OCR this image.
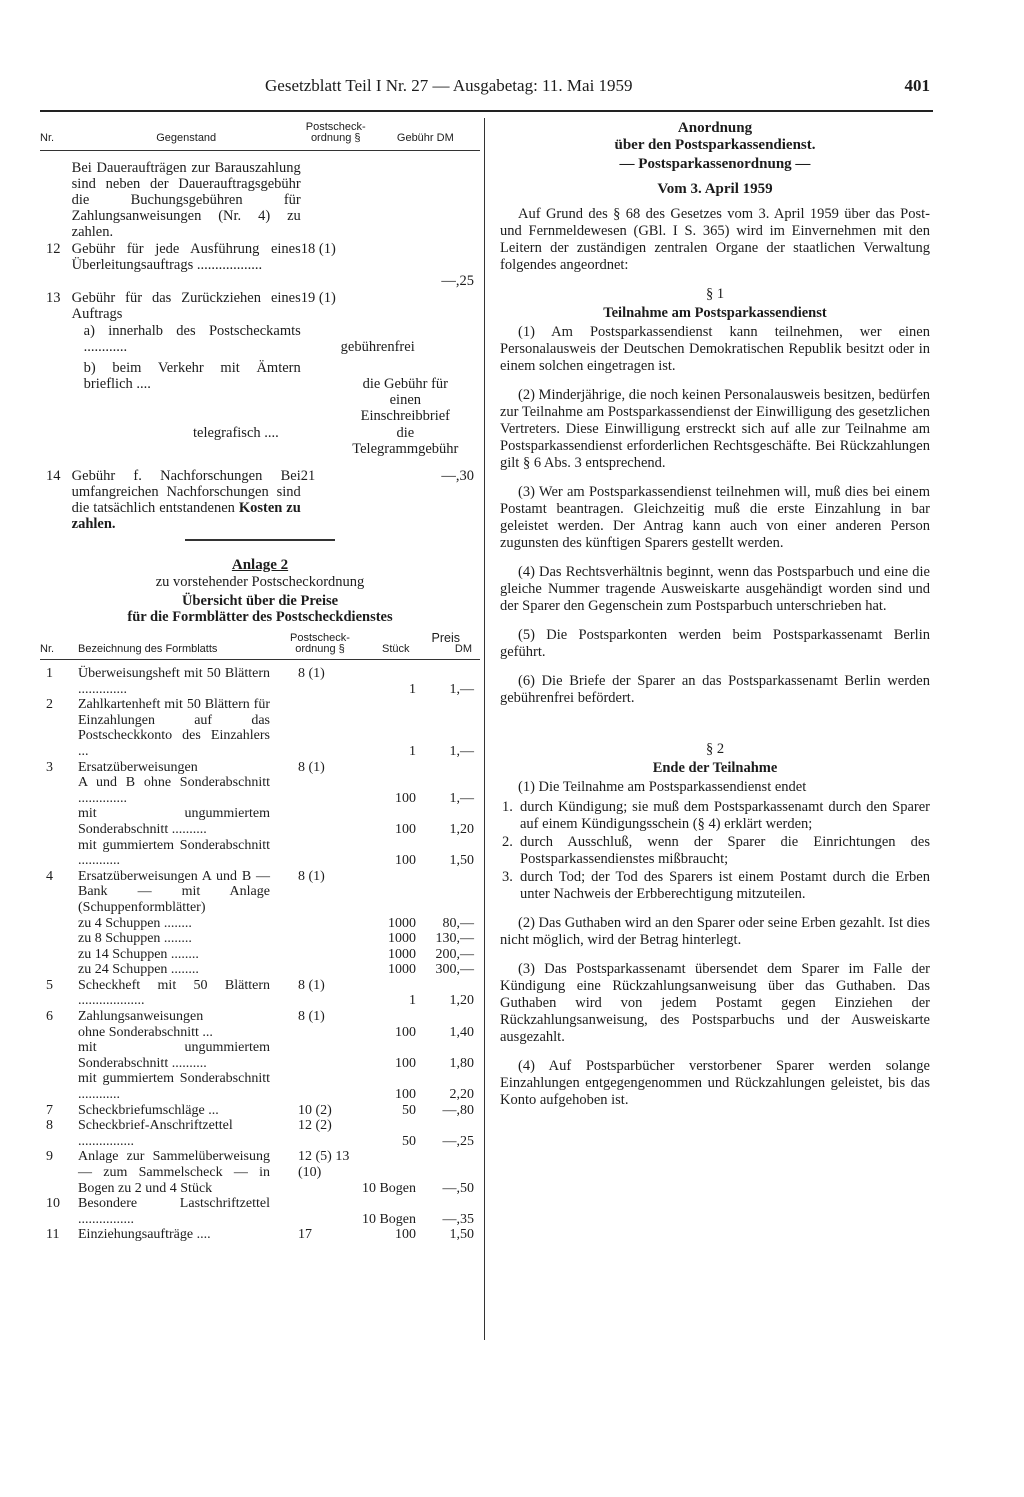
Gesetzblatt Teil I Nr. 27 — Ausgabetag: 11. Mai 1959	401
Nr.	Gegenstand	Postscheck-ordnung §	Gebühr DM
	Bei Daueraufträgen zur Barauszahlung sind neben der Dauerauftragsgebühr die Buchungsgebühren für Zahlungsanweisungen (Nr. 4) zu zahlen.		
12	Gebühr für jede Ausführung eines Überleitungsauftrags ..................	18 (1)	—,25

13	Gebühr für das Zurückziehen eines Auftrags	19 (1)	
	a) innerhalb des Postscheckamts ............		gebührenfrei

	b) beim Verkehr mit Ämtern brieflich ....		die Gebühr für einen Einschreibbrief
	telegrafisch ....		die Telegrammgebühr
14	Gebühr f. Nachforschungen Bei umfangreichen Nachforschungen sind die tatsächlich entstandenen Kosten zu zahlen.	21	—,30
Anlage 2
zu vorstehender Postscheckordnung
Übersicht über die Preise
für die Formblätter des Postscheckdienstes
Nr.	Bezeichnung des Formblatts	Postscheck-ordnung §	Preis
Stück DM	

1	Überweisungsheft mit 50 Blättern ..............	8 (1)	1	1,—
2	Zahlkartenheft mit 50 Blättern für Einzahlungen auf das Postscheckkonto des Einzahlers ...		1	1,—
3	Ersatzüberweisungen	8 (1)		
	A und B ohne Sonderabschnitt ..............		100	1,—
	mit ungummiertem Sonderabschnitt ..........		100	1,20
	mit gummiertem Sonderabschnitt ............		100	1,50
4	Ersatzüberweisungen A und B — Bank — mit Anlage (Schuppenformblätter)	8 (1)		
	zu 4 Schuppen ........		1000	80,—
	zu 8 Schuppen ........		1000	130,—
	zu 14 Schuppen ........		1000	200,—
	zu 24 Schuppen ........		1000	300,—
5	Scheckheft mit 50 Blättern ...................	8 (1)	1	1,20
6	Zahlungsanweisungen	8 (1)		
	ohne Sonderabschnitt ...		100	1,40
	mit ungummiertem Sonderabschnitt ..........		100	1,80
	mit gummiertem Sonderabschnitt ............		100	2,20
7	Scheckbriefumschläge ...	10 (2)	50	—,80
8	Scheckbrief-Anschriftzettel ................	12 (2)	50	—,25
9	Anlage zur Sammelüberweisung — zum Sammelscheck — in Bogen zu 2 und 4 Stück	12 (5) 13 (10)	10 Bogen	—,50
10	Besondere Lastschriftzettel ................		10 Bogen	—,35
11	Einziehungsaufträge ....	17	100	1,50
Anordnung
über den Postsparkassendienst.
— Postsparkassenordnung —
Vom 3. April 1959

Auf Grund des § 68 des Gesetzes vom 3. April 1959 über das Post- und Fernmeldewesen (GBl. I S. 365) wird im Einvernehmen mit den Leitern der zuständigen zentralen Organe der staatlichen Verwaltung folgendes angeordnet:

§ 1
Teilnahme am Postsparkassendienst

(1) Am Postsparkassendienst kann teilnehmen, wer einen Personalausweis der Deutschen Demokratischen Republik besitzt oder in einem solchen eingetragen ist.

(2) Minderjährige, die noch keinen Personalausweis besitzen, bedürfen zur Teilnahme am Postsparkassendienst der Einwilligung des gesetzlichen Vertreters. Diese Einwilligung erstreckt sich auf alle zur Teilnahme am Postsparkassendienst erforderlichen Rechtsgeschäfte. Bei Rückzahlungen gilt § 6 Abs. 3 entsprechend.

(3) Wer am Postsparkassendienst teilnehmen will, muß dies bei einem Postamt beantragen. Gleichzeitig muß die erste Einzahlung in bar geleistet werden. Der Antrag kann auch von einer anderen Person zugunsten des künftigen Sparers gestellt werden.

(4) Das Rechtsverhältnis beginnt, wenn das Postsparbuch und eine die gleiche Nummer tragende Ausweiskarte ausgehändigt worden sind und der Sparer den Gegenschein zum Postsparbuch unterschrieben hat.

(5) Die Postsparkonten werden beim Postsparkassenamt Berlin geführt.

(6) Die Briefe der Sparer an das Postsparkassenamt Berlin werden gebührenfrei befördert.

§ 2
Ende der Teilnahme

(1) Die Teilnahme am Postsparkassendienst endet

1. durch Kündigung; sie muß dem Postsparkassenamt durch den Sparer auf einem Kündigungsschein (§ 4) erklärt werden;
2. durch Ausschluß, wenn der Sparer die Einrichtungen des Postsparkassendienstes mißbraucht;
3. durch Tod; der Tod des Sparers ist einem Postamt durch die Erben unter Nachweis der Erbberechtigung mitzuteilen.

(2) Das Guthaben wird an den Sparer oder seine Erben gezahlt. Ist dies nicht möglich, wird der Betrag hinterlegt.

(3) Das Postsparkassenamt übersendet dem Sparer im Falle der Kündigung eine Rückzahlungsanweisung über das Guthaben. Das Guthaben wird von jedem Postamt gegen Einziehen der Rückzahlungsanweisung, des Postsparbuchs und der Ausweiskarte ausgezahlt.

(4) Auf Postsparbücher verstorbener Sparer werden solange Einzahlungen entgegengenommen und Rückzahlungen geleistet, bis das Konto aufgehoben ist.
